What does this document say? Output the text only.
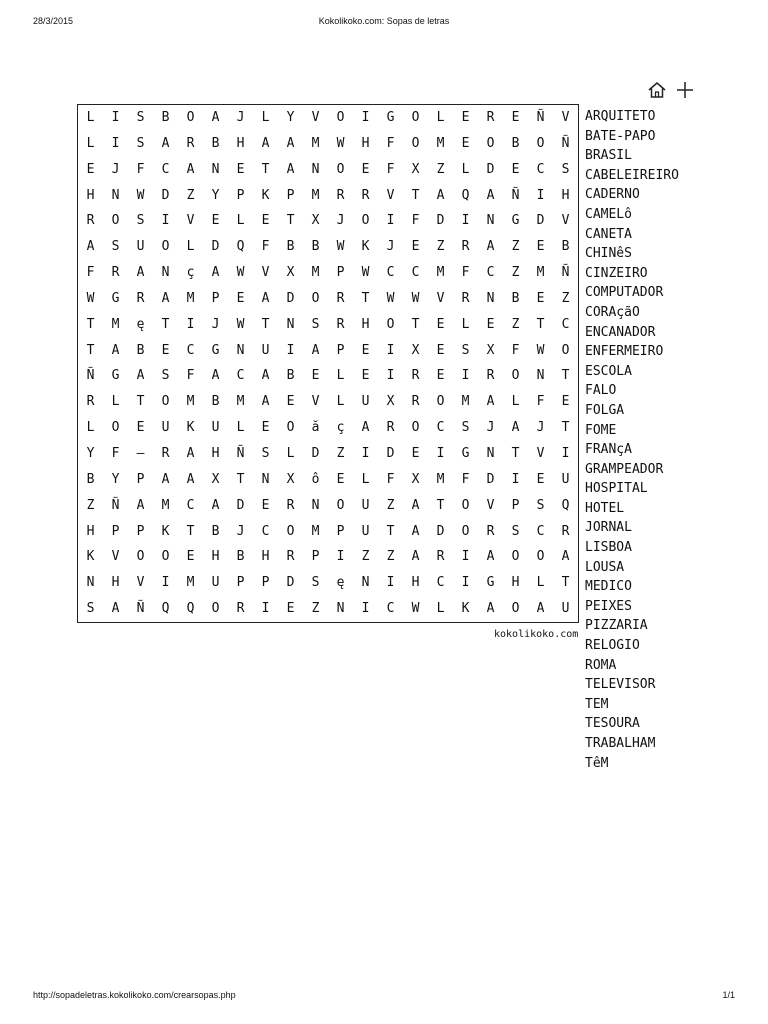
28/3/2015	Kokolikoko.com: Sopas de letras
L	I	S	B	O	A	J	L	Y	V	O	I	G	O	L	E	R	E	Ñ	V
L	I	S	A	R	B	H	A	A	M	W	H	F	O	M	E	O	B	O	Ñ
E	J	F	C	A	N	E	T	A	N	O	E	F	X	Z	L	D	E	C	S
H	N	W	D	Z	Y	P	K	P	M	R	R	V	T	A	Q	A	Ñ	I	H
R	O	S	I	V	E	L	E	T	X	J	O	I	F	D	I	N	G	D	V
A	S	U	O	L	D	Q	F	B	B	W	K	J	E	Z	R	A	Z	E	B
F	R	A	N	ç	A	W	V	X	M	P	W	C	C	M	F	C	Z	M	Ñ
W	G	R	A	M	P	E	A	D	O	R	T	W	W	V	R	N	B	E	Z
T	M	ę	T	I	J	W	T	N	S	R	H	O	T	E	L	E	Z	T	C
T	A	B	E	C	G	N	U	I	A	P	E	I	X	E	S	X	F	W	O
Ñ	G	A	S	F	A	C	A	B	E	L	E	I	R	E	I	R	O	N	T
R	L	T	O	M	B	M	A	E	V	L	U	X	R	O	M	A	L	F	E
L	O	E	U	K	U	L	E	O	ă	ç	A	R	O	C	S	J	A	J	T
Y	F	–	R	A	H	Ñ	S	L	D	Z	I	D	E	I	G	N	T	V	I
B	Y	P	A	A	X	T	N	X	ô	E	L	F	X	M	F	D	I	E	U
Z	Ñ	A	M	C	A	D	E	R	N	O	U	Z	A	T	O	V	P	S	Q
H	P	P	K	T	B	J	C	O	M	P	U	T	A	D	O	R	S	C	R
K	V	O	O	E	H	B	H	R	P	I	Z	Z	A	R	I	A	O	O	A
N	H	V	I	M	U	P	P	D	S	ę	N	I	H	C	I	G	H	L	T
S	A	Ñ	Q	Q	O	R	I	E	Z	N	I	C	W	L	K	A	O	A	U
kokolikoko.com
ARQUITETO
BATE-PAPO
BRASIL
CABELEIREIRO
CADERNO
CAMELô
CANETA
CHINêS
CINZEIRO
COMPUTADOR
CORAçãO
ENCANADOR
ENFERMEIRO
ESCOLA
FALO
FOLGA
FOME
FRANçA
GRAMPEADOR
HOSPITAL
HOTEL
JORNAL
LISBOA
LOUSA
MEDICO
PEIXES
PIZZARIA
RELOGIO
ROMA
TELEVISOR
TEM
TESOURA
TRABALHAM
TêM
http://sopadeletras.kokolikoko.com/crearsopas.php	1/1
